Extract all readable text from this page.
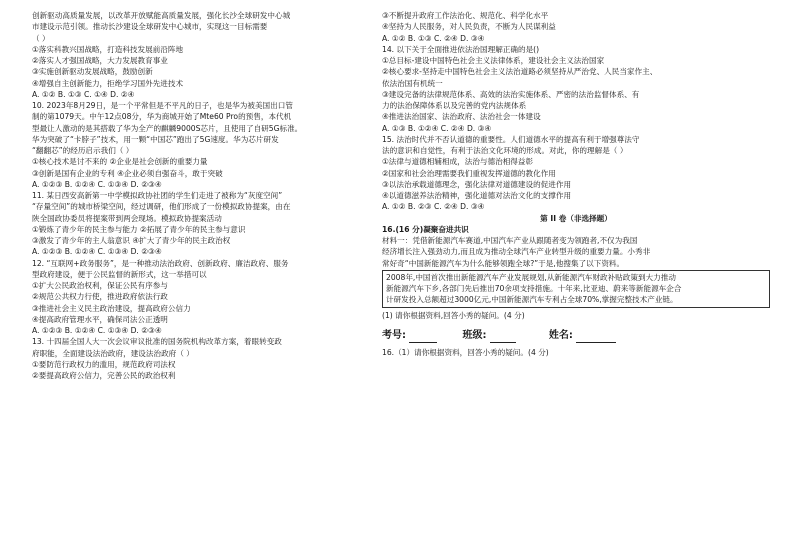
创新驱动高质量发展，以改革开放赋能高质量发展，强化长沙全球研发中心城
市建设示范引领。推动长沙建设全球研发中心城市，实现这一目标需要
（ ）
①落实科教兴国战略，打造科技发展前沿阵地
②落实人才强国战略，大力发展教育事业
③实施创新驱动发展战略，鼓励创新
④增强自主创新能力，拒绝学习国外先进技术
A. ①② B. ①③ C. ①④ D. ②④
10. 2023年8月29日，是一个平常但是不平凡的日子，也是华为被美国出口管
制的第1079天。中午12点08分，华为商城开始了Mte60 Pro的预售，本代机
型最让人激动的是其搭载了华为全产的麒麟9000S芯片，且使用了自研5G标准。
华为突破了“卡脖子”技术，用一颗“中国芯”跑出了5G速度。华为芯片研发
“翻翻芯”的经历启示我们（ ）
①核心技术是讨不来的 ②企业是社会创新的重要力量
③创新是国有企业的专利 ④企业必须自强奋斗，敢于突破
A. ①②③ B. ①②④ C. ①③④ D. ②③④
11. 某日西安高新第一中学模拟政协社团的学生们走进了被称为“灰度空间”
“存量空间”的城市桥梁空间，经过调研，他们形成了一份模拟政协提案，由在
陕全国政协委员将提案带到两会现场。模拟政协提案活动
①锻炼了青少年的民主参与能力 ②拓展了青少年的民主参与意识
③激发了青少年的主人翁意识 ④扩大了青少年的民主政治权
A. ①②③ B. ①②④ C. ①③④ D. ②③④
12. “互联网+政务服务”，是一种推动法治政府、创新政府、廉洁政府、服务
型政府建设，便于公民监督的新形式，这一举措可以
①扩大公民政治权利，保证公民有序参与
②规范公共权力行使，推进政府依法行政
③推进社会主义民主政治建设，提高政府公信力
④提高政府管理水平，确保司法公正透明
A. ①②③ B. ①②④ C. ①③④ D. ②③④
13. 十四届全国人大一次会议审议批准的国务院机构改革方案，着眼转变政
府职能，全面建设法治政府，建设法治政府（ ）
①要防范行政权力的滥用，规范政府司法权
②要提高政府公信力，完善公民的政治权利
③不断提升政府工作法治化、规范化、科学化水平
④坚持为人民服务，对人民负责，不断为人民谋利益
A. ①② B. ①③ C. ②④ D. ③④
14. 以下关于全面推进依法治国理解正确的是()
①总目标-建设中国特色社会主义法律体系，建设社会主义法治国家
②核心要求-坚持走中国特色社会主义法治道路必须坚持从严治党、人民当家作主、
依法治国有机统一
③建设完备的法律规范体系、高效的法治实施体系、严密的法治监督体系、有
力的法治保障体系以及完善的党内法规体系
④推进法治国家、法治政府、法治社会一体建设
A. ①③ B. ①②④ C. ②④ D. ③④
15. 法治时代并不否认道德的重要性。人们道德水平的提高有利于增强尊法守
法的意识和自觉性，有利于法治文化环境的形成。对此，你的理解是（ ）
①法律与道德相辅相成，法治与德治相得益彰
②国家和社会治理需要我们重视发挥道德的教化作用
③以法治承载道德理念，强化法律对道德建设的促进作用
④以道德滋养法治精神，强化道德对法治文化的支撑作用
A. ①② B. ②③ C. ②④ D. ③④
第 II 卷（非选择题）
16.(16 分)凝聚奋进共识
材料一：凭借新能源汽车赛道,中国汽车产业从跟随者变为领跑者,不仅为我国
经济增长注入强劲动力,而且成为推动全球汽车产业转型升级的重要力量。小秀非
常好奇“中国新能源汽车为什么能够领跑全球?”于是,他搜集了以下资料。
2008年,中国首次推出新能源汽车产业发展规划,从新能源汽车财政补贴政策到大力推动
新能源汽车下乡,各部门先后推出70余项支持措施。十年来,比亚迪、蔚来等新能源车企合
计研发投入总额超过3000亿元,中国新能源汽车专利占全球70%,掌握完整技术产业链。
(1) 请你根据资料,回答小秀的疑问。(4 分)
考号:	班级:	姓名:
16.（1）请你根据资料，回答小秀的疑问。(4 分)
